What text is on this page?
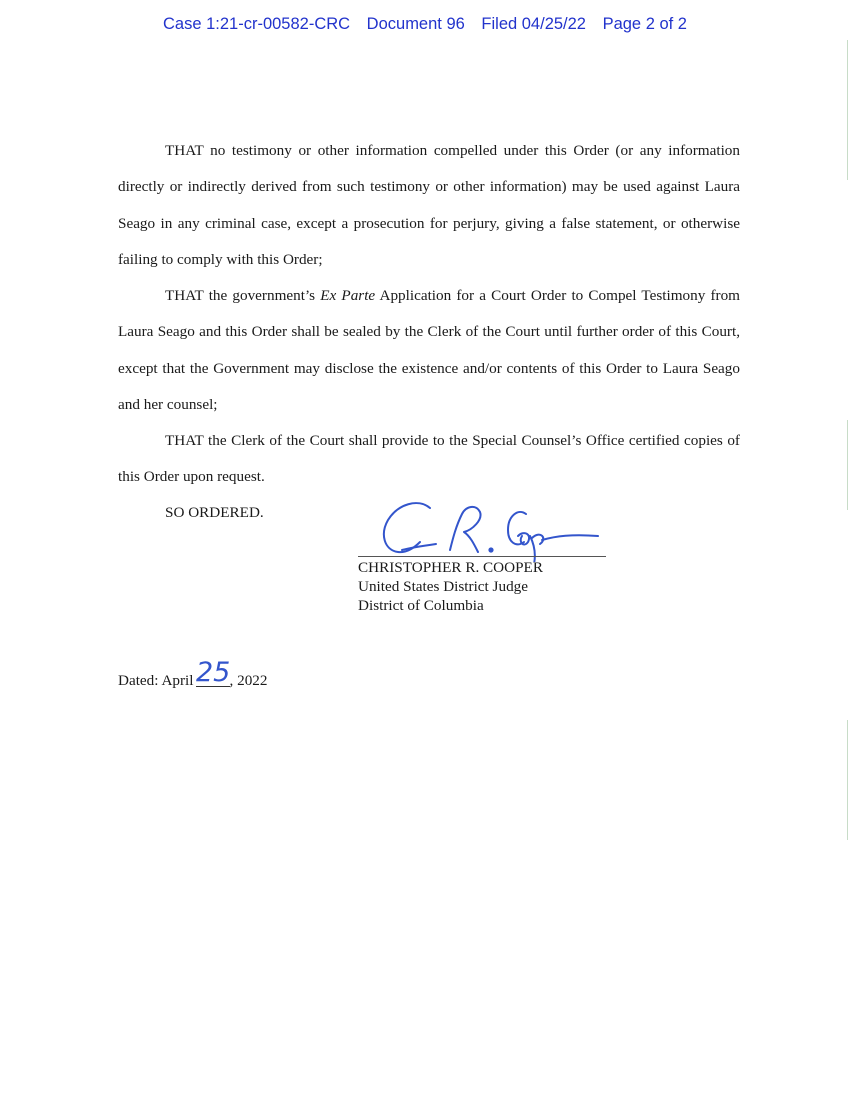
Case 1:21-cr-00582-CRC Document 96 Filed 04/25/22 Page 2 of 2
THAT no testimony or other information compelled under this Order (or any information directly or indirectly derived from such testimony or other information) may be used against Laura Seago in any criminal case, except a prosecution for perjury, giving a false statement, or otherwise failing to comply with this Order;
THAT the government’s Ex Parte Application for a Court Order to Compel Testimony from Laura Seago and this Order shall be sealed by the Clerk of the Court until further order of this Court, except that the Government may disclose the existence and/or contents of this Order to Laura Seago and her counsel;
THAT the Clerk of the Court shall provide to the Special Counsel’s Office certified copies of this Order upon request.
SO ORDERED.
CHRISTOPHER R. COOPER
United States District Judge
District of Columbia
Dated: April 25 , 2022
